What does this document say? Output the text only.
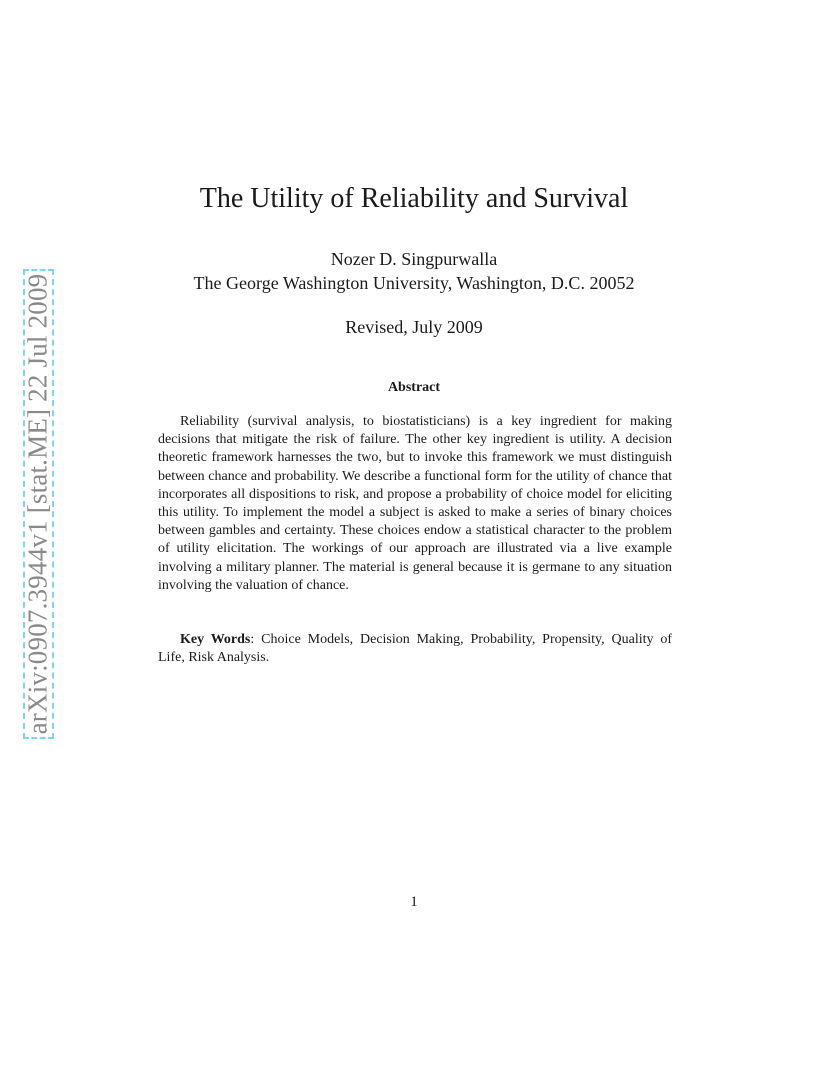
arXiv:0907.3944v1 [stat.ME] 22 Jul 2009
The Utility of Reliability and Survival
Nozer D. Singpurwalla
The George Washington University, Washington, D.C. 20052
Revised, July 2009
Abstract

Reliability (survival analysis, to biostatisticians) is a key ingredient for making decisions that mitigate the risk of failure. The other key ingredient is utility. A decision theoretic framework harnesses the two, but to invoke this framework we must distinguish between chance and probability. We describe a functional form for the utility of chance that incorporates all dispositions to risk, and propose a probability of choice model for eliciting this utility. To implement the model a subject is asked to make a series of binary choices between gambles and certainty. These choices endow a statistical character to the problem of utility elicitation. The workings of our approach are illustrated via a live example involving a military planner. The material is general because it is germane to any situation involving the valuation of chance.

Key Words: Choice Models, Decision Making, Probability, Propensity, Quality of Life, Risk Analysis.

1
